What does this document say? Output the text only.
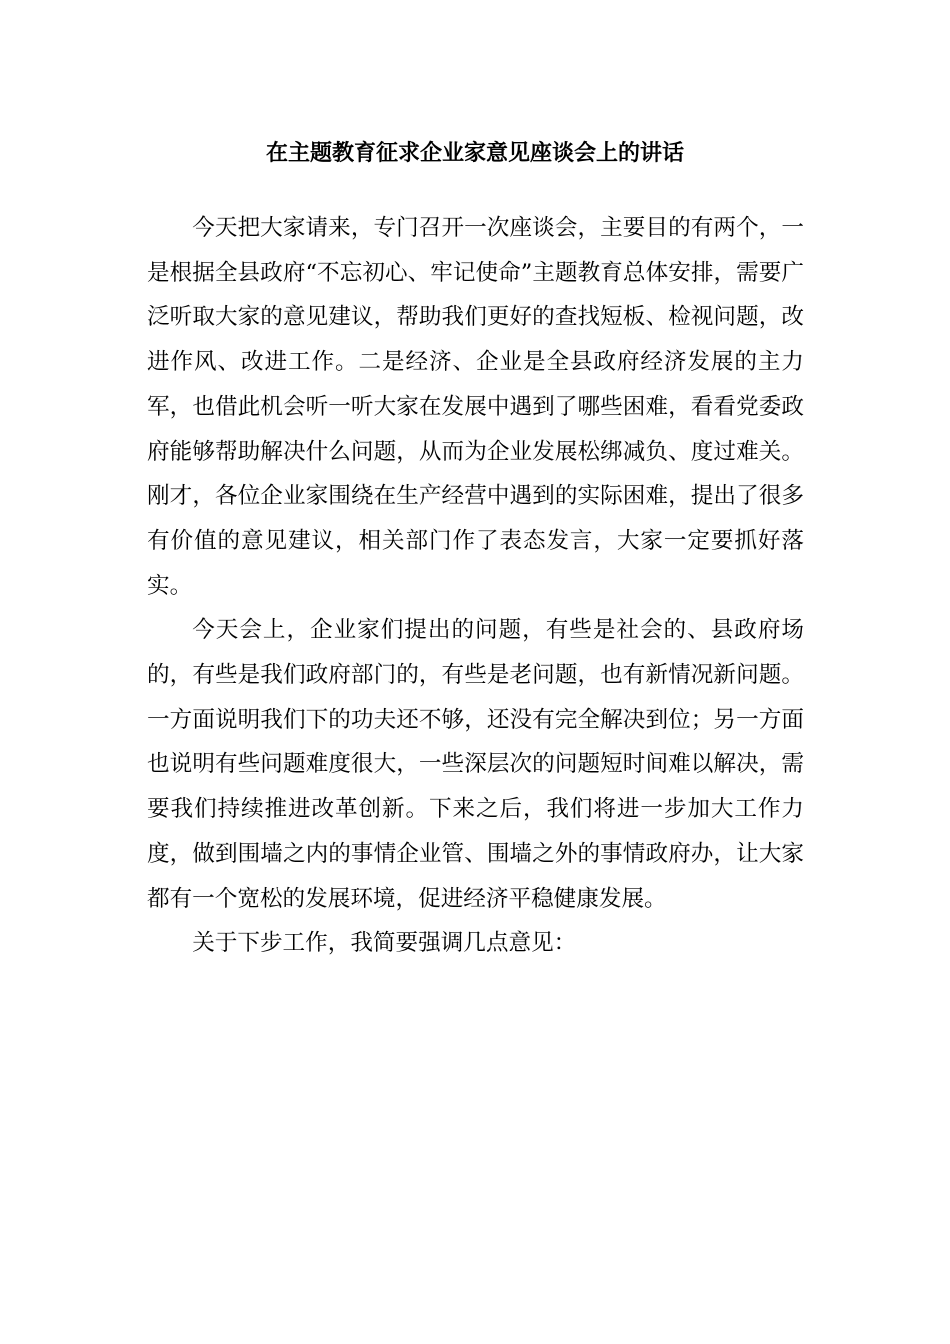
在主题教育征求企业家意见座谈会上的讲话

今天把大家请来，专门召开一次座谈会，主要目的有两个，一是根据全县政府“不忘初心、牢记使命”主题教育总体安排，需要广泛听取大家的意见建议，帮助我们更好的查找短板、检视问题，改进作风、改进工作。二是经济、企业是全县政府经济发展的主力军，也借此机会听一听大家在发展中遇到了哪些困难，看看党委政府能够帮助解决什么问题，从而为企业发展松绑减负、度过难关。刚才，各位企业家围绕在生产经营中遇到的实际困难，提出了很多有价值的意见建议，相关部门作了表态发言，大家一定要抓好落实。

今天会上，企业家们提出的问题，有些是社会的、县政府场的，有些是我们政府部门的，有些是老问题，也有新情况新问题。一方面说明我们下的功夫还不够，还没有完全解决到位；另一方面也说明有些问题难度很大，一些深层次的问题短时间难以解决，需要我们持续推进改革创新。下来之后，我们将进一步加大工作力度，做到围墙之内的事情企业管、围墙之外的事情政府办，让大家都有一个宽松的发展环境，促进经济平稳健康发展。

关于下步工作，我简要强调几点意见：
